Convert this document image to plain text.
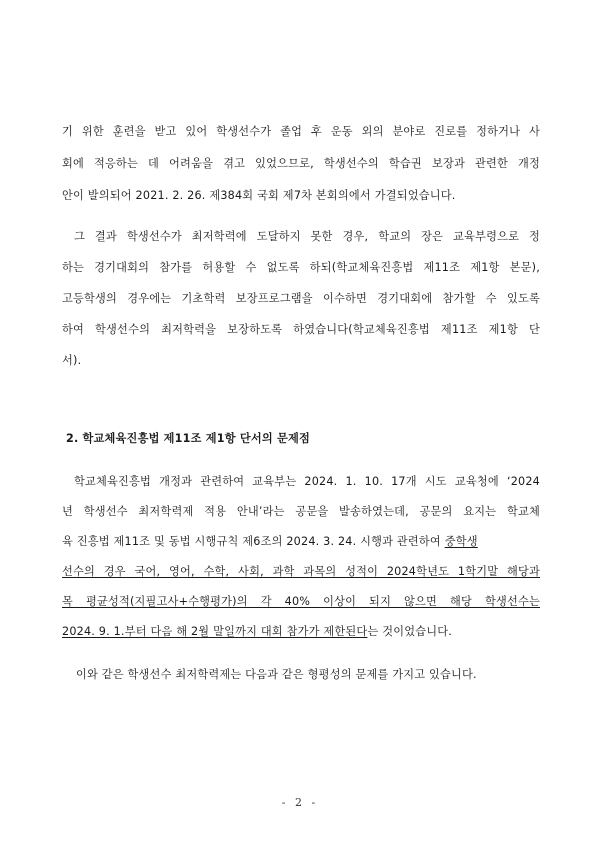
기 위한 훈련을 받고 있어 학생선수가 졸업 후 운동 외의 분야로 진로를 정하거나 사
회에 적응하는 데 어려움을 겪고 있었으므로, 학생선수의 학습권 보장과 관련한 개정
안이 발의되어 2021. 2. 26. 제384회 국회 제7차 본회의에서 가결되었습니다.
그 결과 학생선수가 최저학력에 도달하지 못한 경우, 학교의 장은 교육부령으로 정
하는 경기대회의 참가를 허용할 수 없도록 하되(학교체육진흥법 제11조 제1항 본문),
고등학생의 경우에는 기초학력 보장프로그램을 이수하면 경기대회에 참가할 수 있도록
하여 학생선수의 최저학력을 보장하도록 하였습니다(학교체육진흥법 제11조 제1항 단
서).
2. 학교체육진흥법 제11조 제1항 단서의 문제점
학교체육진흥법 개정과 관련하여 교육부는 2024. 1. 10. 17개 시도 교육청에 ‘2024
년 학생선수 최저학력제 적용 안내’라는 공문을 발송하였는데, 공문의 요지는 학교체
육 진흥법 제11조 및 동법 시행규칙 제6조의 2024. 3. 24. 시행과 관련하여 중학생
선수의 경우 국어, 영어, 수학, 사회, 과학 과목의 성적이 2024학년도 1학기말 해당과
목 평균성적(지필고사+수행평가)의 각 40% 이상이 되지 않으면 해당 학생선수는
2024. 9. 1.부터 다음 해 2월 말일까지 대회 참가가 제한된다는 것이었습니다.
이와 같은 학생선수 최저학력제는 다음과 같은 형평성의 문제를 가지고 있습니다.
- 2 -
